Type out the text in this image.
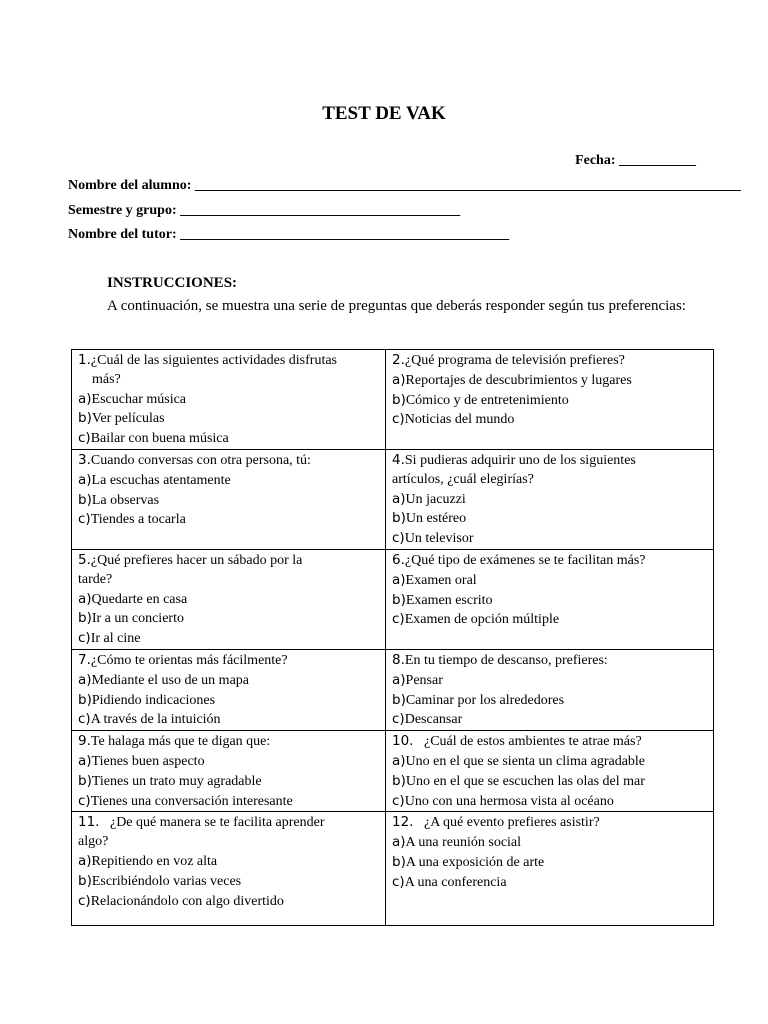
TEST DE VAK
Fecha: ___________
Nombre del alumno: ______________________________________________________________________________
Semestre y grupo: ________________________________________
Nombre del tutor: _______________________________________________
INSTRUCCIONES:
A continuación, se muestra una serie de preguntas que deberás responder según tus preferencias:
1.¿Cuál de las siguientes actividades disfrutas
más?
a)Escuchar música
b)Ver películas
c)Bailar con buena música	2.¿Qué programa de televisión prefieres?
a)Reportajes de descubrimientos y lugares
b)Cómico y de entretenimiento
c)Noticias del mundo

3.Cuando conversas con otra persona, tú:
a)La escuchas atentamente
b)La observas
c)Tiendes a tocarla	4.Si pudieras adquirir uno de los siguientes
artículos, ¿cuál elegirías?
a)Un jacuzzi
b)Un estéreo
c)Un televisor

5.¿Qué prefieres hacer un sábado por la
tarde?
a)Quedarte en casa
b)Ir a un concierto
c)Ir al cine	6.¿Qué tipo de exámenes se te facilitan más?
a)Examen oral
b)Examen escrito
c)Examen de opción múltiple

7.¿Cómo te orientas más fácilmente?
a)Mediante el uso de un mapa
b)Pidiendo indicaciones
c)A través de la intuición	8.En tu tiempo de descanso, prefieres:
a)Pensar
b)Caminar por los alrededores
c)Descansar

9.Te halaga más que te digan que:
a)Tienes buen aspecto
b)Tienes un trato muy agradable
c)Tienes una conversación interesante	10. ¿Cuál de estos ambientes te atrae más?
a)Uno en el que se sienta un clima agradable
b)Uno en el que se escuchen las olas del mar
c)Uno con una hermosa vista al océano

11. ¿De qué manera se te facilita aprender
algo?
a)Repitiendo en voz alta
b)Escribiéndolo varias veces
c)Relacionándolo con algo divertido	12. ¿A qué evento prefieres asistir?
a)A una reunión social
b)A una exposición de arte
c)A una conferencia
